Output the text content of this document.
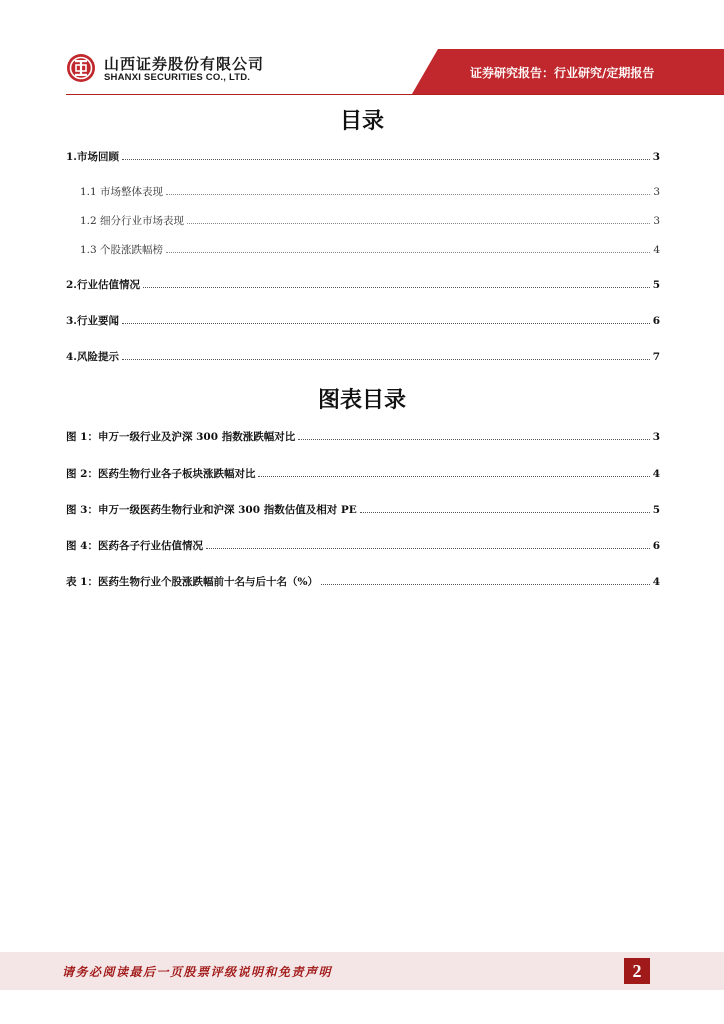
山西证券股份有限公司
SHANXI SECURITIES CO., LTD.	证券研究报告：行业研究/定期报告
目录
1.市场回顾	3
1.1 市场整体表现	3
1.2 细分行业市场表现	3
1.3 个股涨跌幅榜	4
2.行业估值情况	5
3.行业要闻	6
4.风险提示	7
图表目录
图 1：申万一级行业及沪深 300 指数涨跌幅对比	3
图 2：医药生物行业各子板块涨跌幅对比	4
图 3：申万一级医药生物行业和沪深 300 指数估值及相对 PE	5
图 4：医药各子行业估值情况	6
表 1：医药生物行业个股涨跌幅前十名与后十名（%）	4
请务必阅读最后一页股票评级说明和免责声明	2
